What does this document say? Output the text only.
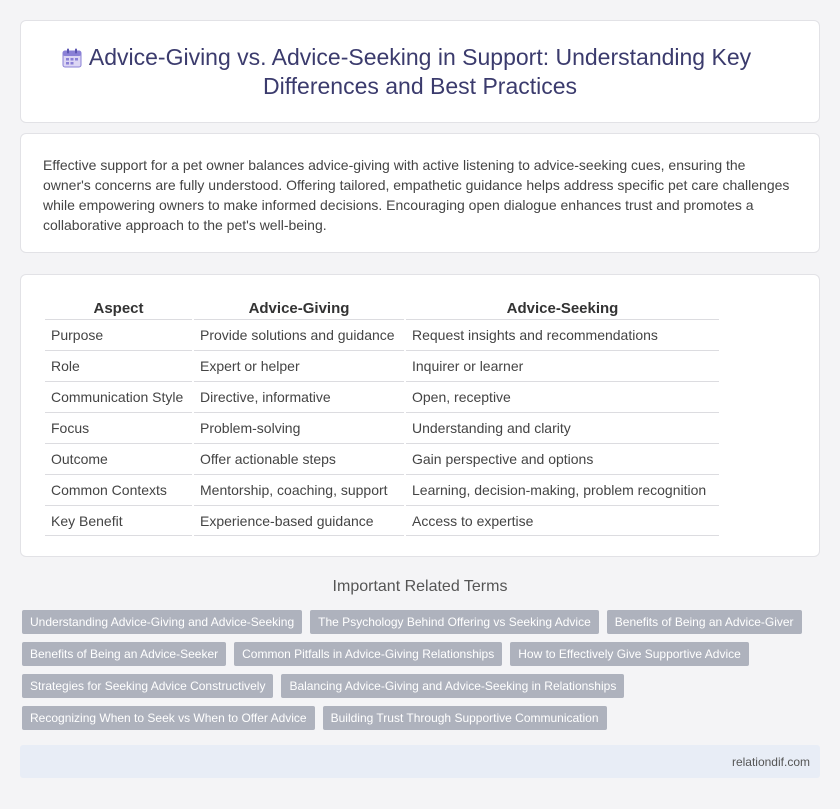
Advice-Giving vs. Advice-Seeking in Support: Understanding Key Differences and Best Practices

Effective support for a pet owner balances advice-giving with active listening to advice-seeking cues, ensuring the owner's concerns are fully understood. Offering tailored, empathetic guidance helps address specific pet care challenges while empowering owners to make informed decisions. Encouraging open dialogue enhances trust and promotes a collaborative approach to the pet's well-being.

Aspect	Advice-Giving	Advice-Seeking
Purpose	Provide solutions and guidance	Request insights and recommendations
Role	Expert or helper	Inquirer or learner
Communication Style	Directive, informative	Open, receptive
Focus	Problem-solving	Understanding and clarity
Outcome	Offer actionable steps	Gain perspective and options
Common Contexts	Mentorship, coaching, support	Learning, decision-making, problem recognition
Key Benefit	Experience-based guidance	Access to expertise
Important Related Terms
Understanding Advice-Giving and Advice-Seeking	The Psychology Behind Offering vs Seeking Advice	Benefits of Being an Advice-Giver
Benefits of Being an Advice-Seeker	Common Pitfalls in Advice-Giving Relationships	How to Effectively Give Supportive Advice
Strategies for Seeking Advice Constructively	Balancing Advice-Giving and Advice-Seeking in Relationships
Recognizing When to Seek vs When to Offer Advice	Building Trust Through Supportive Communication
relationdif.com
